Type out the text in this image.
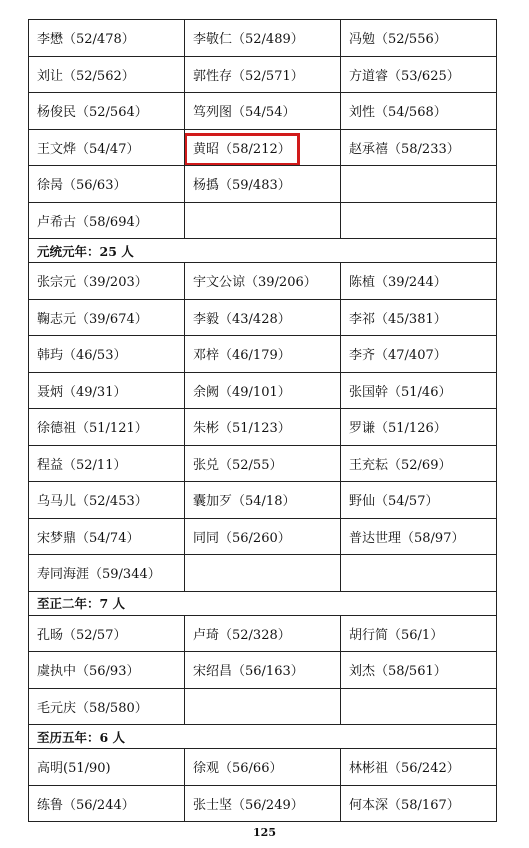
李懋（52/478）	李敬仁（52/489）	冯勉（52/556）
刘让（52/562）	郭性存（52/571）	方道睿（53/625）
杨俊民（52/564）	笃列图（54/54）	刘性（54/568）
王文烨（54/47）	黄昭（58/212）	赵承禧（58/233）
徐昺（56/63）	杨撝（59/483）	
卢希古（58/694）		
元统元年：25 人		
张宗元（39/203）	宇文公谅（39/206）	陈植（39/244）
鞠志元（39/674）	李毅（43/428）	李祁（45/381）
韩玙（46/53）	邓梓（46/179）	李齐（47/407）
聂炳（49/31）	余阙（49/101）	张国幹（51/46）
徐德祖（51/121）	朱彬（51/123）	罗谦（51/126）
程益（52/11）	张兑（52/55）	王充耘（52/69）
乌马儿（52/453）	囊加歹（54/18）	野仙（54/57）
宋梦鼎（54/74）	同同（56/260）	普达世理（58/97）
寿同海涯（59/344）		
至正二年：7 人		
孔旸（52/57）	卢琦（52/328）	胡行简（56/1）
虞执中（56/93）	宋绍昌（56/163）	刘杰（58/561）
毛元庆（58/580）		
至历五年：6 人		
高明(51/90)	徐观（56/66）	林彬祖（56/242）
练鲁（56/244）	张士坚（56/249）	何本深（58/167）
125
